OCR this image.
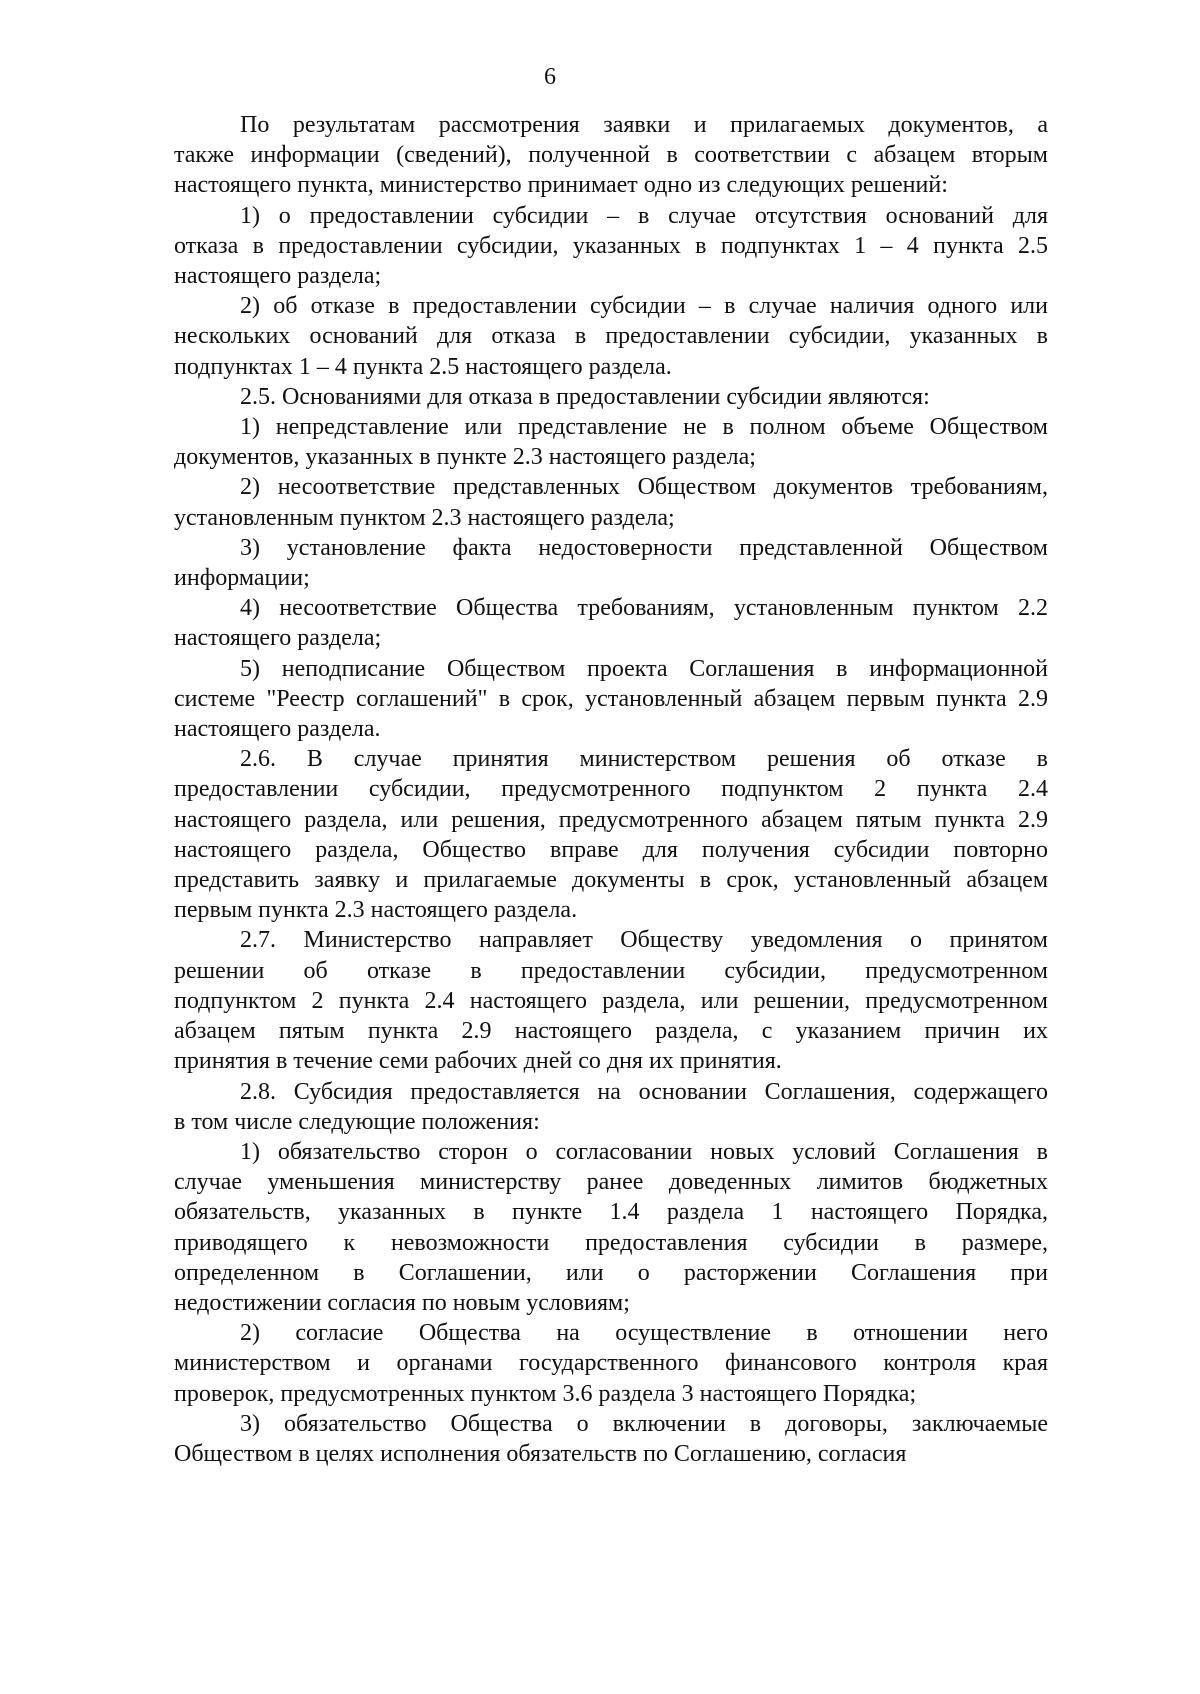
6
По результатам рассмотрения заявки и прилагаемых документов, а
также информации (сведений), полученной в соответствии с абзацем вторым
настоящего пункта, министерство принимает одно из следующих решений:
1) о предоставлении субсидии – в случае отсутствия оснований для
отказа в предоставлении субсидии, указанных в подпунктах 1 – 4 пункта 2.5
настоящего раздела;
2) об отказе в предоставлении субсидии – в случае наличия одного или
нескольких оснований для отказа в предоставлении субсидии, указанных в
подпунктах 1 – 4 пункта 2.5 настоящего раздела.
2.5. Основаниями для отказа в предоставлении субсидии являются:
1) непредставление или представление не в полном объеме Обществом
документов, указанных в пункте 2.3 настоящего раздела;
2) несоответствие представленных Обществом документов требованиям,
установленным пунктом 2.3 настоящего раздела;
3) установление факта недостоверности представленной Обществом
информации;
4) несоответствие Общества требованиям, установленным пунктом 2.2
настоящего раздела;
5) неподписание Обществом проекта Соглашения в информационной
системе "Реестр соглашений" в срок, установленный абзацем первым пункта 2.9
настоящего раздела.
2.6. В случае принятия министерством решения об отказе в
предоставлении субсидии, предусмотренного подпунктом 2 пункта 2.4
настоящего раздела, или решения, предусмотренного абзацем пятым пункта 2.9
настоящего раздела, Общество вправе для получения субсидии повторно
представить заявку и прилагаемые документы в срок, установленный абзацем
первым пункта 2.3 настоящего раздела.
2.7. Министерство направляет Обществу уведомления о принятом
решении об отказе в предоставлении субсидии, предусмотренном
подпунктом 2 пункта 2.4 настоящего раздела, или решении, предусмотренном
абзацем пятым пункта 2.9 настоящего раздела, с указанием причин их
принятия в течение семи рабочих дней со дня их принятия.
2.8. Субсидия предоставляется на основании Соглашения, содержащего
в том числе следующие положения:
1) обязательство сторон о согласовании новых условий Соглашения в
случае уменьшения министерству ранее доведенных лимитов бюджетных
обязательств, указанных в пункте 1.4 раздела 1 настоящего Порядка,
приводящего к невозможности предоставления субсидии в размере,
определенном в Соглашении, или о расторжении Соглашения при
недостижении согласия по новым условиям;
2) согласие Общества на осуществление в отношении него
министерством и органами государственного финансового контроля края
проверок, предусмотренных пунктом 3.6 раздела 3 настоящего Порядка;
3) обязательство Общества о включении в договоры, заключаемые
Обществом в целях исполнения обязательств по Соглашению, согласия
